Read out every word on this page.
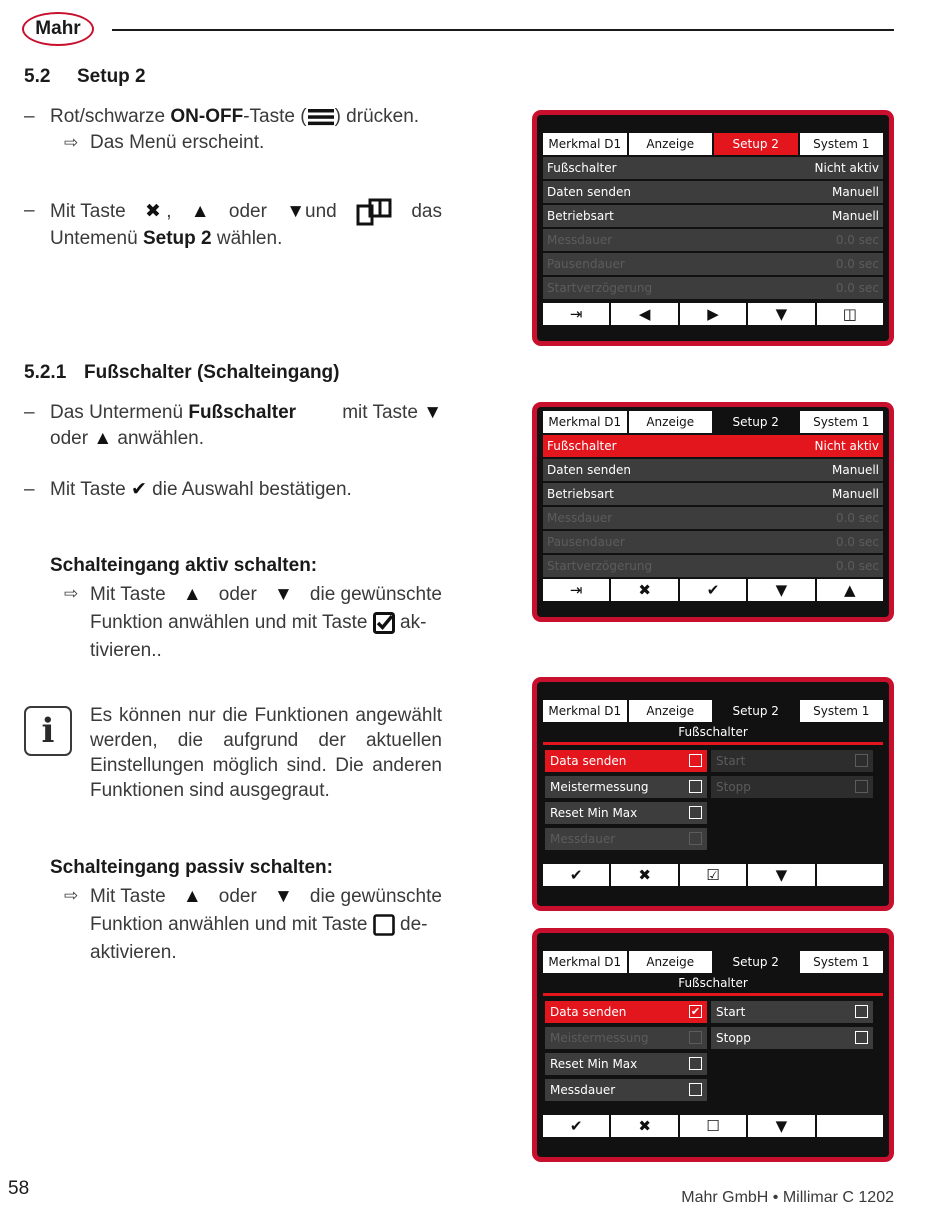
Mahr
5.2 Setup 2
– Rot/schwarze ON-OFF-Taste ( ) drücken.
⇨ Das Menü erscheint.
– Mit Taste ✖ , ▲ oder ▼und	das
Untemenü Setup 2 wählen.
5.2.1 Fußschalter (Schalteingang)
– Das Untermenü Fußschalter mit Taste ▼
oder ▲ anwählen.
– Mit Taste ✔ die Auswahl bestätigen.
Schalteingang aktiv schalten:
⇨ Mit Taste ▲ oder ▼ die gewünschte
Funktion anwählen und mit Taste  ak-
tivieren..
i	Es können nur die Funktionen angewählt werden, die aufgrund der aktuellen Einstellungen möglich sind. Die anderen Funktionen sind ausgegraut.
Schalteingang passiv schalten:
⇨ Mit Taste ▲ oder ▼ die gewünschte
Funktion anwählen und mit Taste  de-
aktivieren.
Merkmal D1	Anzeige	Setup 2	System 1
Fußschalter	Nicht aktiv
Daten senden	Manuell
Betriebsart	Manuell
Messdauer	0.0 sec
Pausendauer	0.0 sec
Startverzögerung	0.0 sec
⇥	◀	▶	▼	◫
Merkmal D1	Anzeige	Setup 2	System 1
Fußschalter	Nicht aktiv
Daten senden	Manuell
Betriebsart	Manuell
Messdauer	0.0 sec
Pausendauer	0.0 sec
Startverzögerung	0.0 sec
⇥	✖	✔	▼	▲
Merkmal D1	Anzeige	Setup 2	System 1
Fußschalter
Data senden
Meistermessung
Reset Min Max
Messdauer
Start
Stopp
✔	✖	☑	▼
Merkmal D1	Anzeige	Setup 2	System 1
Fußschalter
Data senden	✔
Meistermessung
Reset Min Max
Messdauer
Start
Stopp
✔	✖	☐	▼
58	Mahr GmbH • Millimar C 1202
